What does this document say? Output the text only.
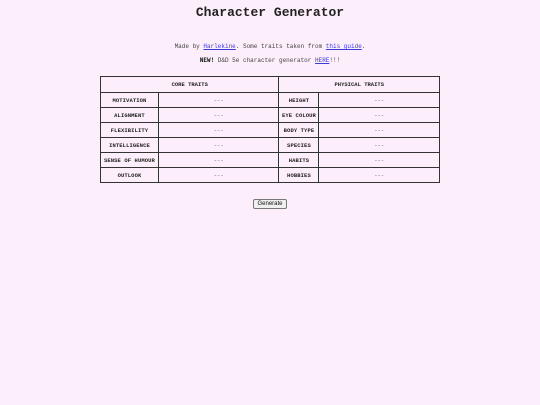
Character Generator
Made by Harlekine. Some traits taken from this guide.
NEW! D&D 5e character generator HERE!!!
CORE TRAITS		PHYSICAL TRAITS	
MOTIVATION	---	HEIGHT	---
ALIGNMENT	---	EYE COLOUR	---
FLEXIBILITY	---	BODY TYPE	---
INTELLIGENCE	---	SPECIES	---
SENSE OF HUMOUR	---	HABITS	---
OUTLOOK	---	HOBBIES	---
Generate
